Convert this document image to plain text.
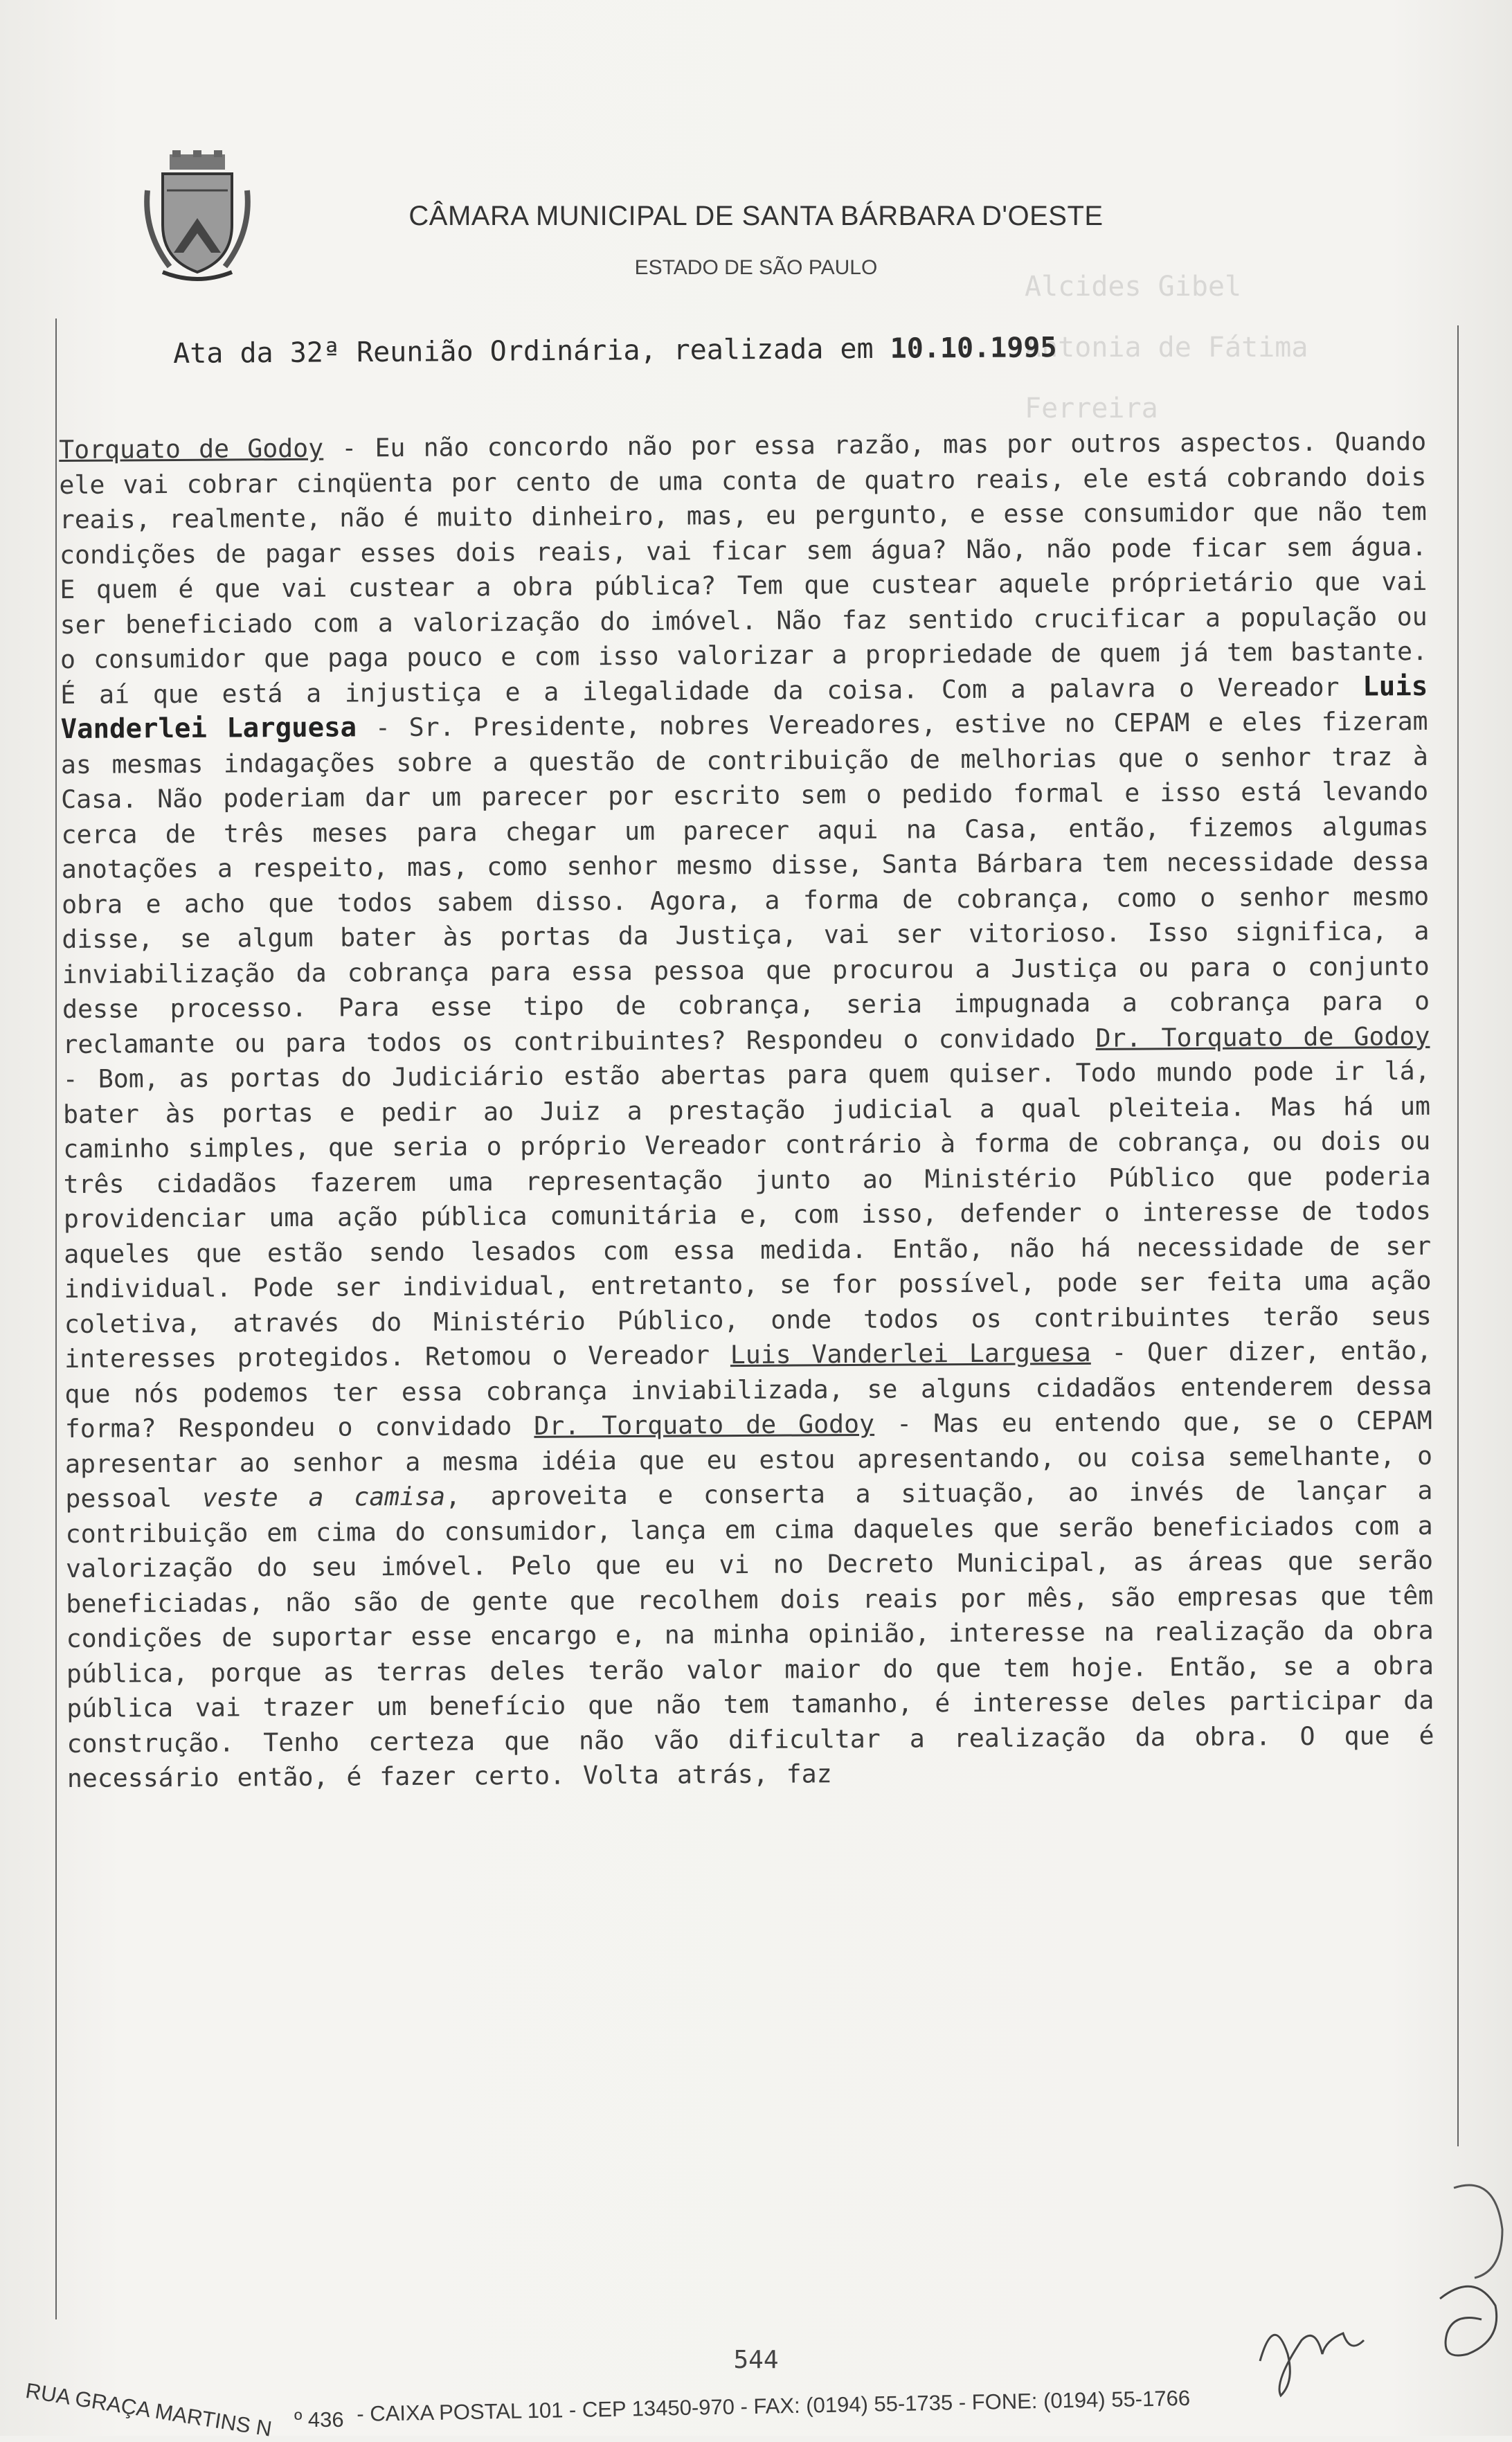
CÂMARA MUNICIPAL DE SANTA BÁRBARA D'OESTE
ESTADO DE SÃO PAULO
Alcides Gibel
Antonia de Fátima Ferreira
Ata da 32ª Reunião Ordinária, realizada em 10.10.1995
Torquato de Godoy - Eu não concordo não por essa razão, mas por outros aspectos. Quando ele vai cobrar cinqüenta por cento de uma conta de quatro reais, ele está cobrando dois reais, realmente, não é muito dinheiro, mas, eu pergunto, e esse consumidor que não tem condições de pagar esses dois reais, vai ficar sem água? Não, não pode ficar sem água. E quem é que vai custear a obra pública? Tem que custear aquele próprietário que vai ser beneficiado com a valorização do imóvel. Não faz sentido crucificar a população ou o consumidor que paga pouco e com isso valorizar a propriedade de quem já tem bastante. É aí que está a injustiça e a ilegalidade da coisa. Com a palavra o Vereador Luis Vanderlei Larguesa - Sr. Presidente, nobres Vereadores, estive no CEPAM e eles fizeram as mesmas indagações sobre a questão de contribuição de melhorias que o senhor traz à Casa. Não poderiam dar um parecer por escrito sem o pedido formal e isso está levando cerca de três meses para chegar um parecer aqui na Casa, então, fizemos algumas anotações a respeito, mas, como senhor mesmo disse, Santa Bárbara tem necessidade dessa obra e acho que todos sabem disso. Agora, a forma de cobrança, como o senhor mesmo disse, se algum bater às portas da Justiça, vai ser vitorioso. Isso significa, a inviabilização da cobrança para essa pessoa que procurou a Justiça ou para o conjunto desse processo. Para esse tipo de cobrança, seria impugnada a cobrança para o reclamante ou para todos os contribuintes? Respondeu o convidado Dr. Torquato de Godoy - Bom, as portas do Judiciário estão abertas para quem quiser. Todo mundo pode ir lá, bater às portas e pedir ao Juiz a prestação judicial a qual pleiteia. Mas há um caminho simples, que seria o próprio Vereador contrário à forma de cobrança, ou dois ou três cidadãos fazerem uma representação junto ao Ministério Público que poderia providenciar uma ação pública comunitária e, com isso, defender o interesse de todos aqueles que estão sendo lesados com essa medida. Então, não há necessidade de ser individual. Pode ser individual, entretanto, se for possível, pode ser feita uma ação coletiva, através do Ministério Público, onde todos os contribuintes terão seus interesses protegidos. Retomou o Vereador Luis Vanderlei Larguesa - Quer dizer, então, que nós podemos ter essa cobrança inviabilizada, se alguns cidadãos entenderem dessa forma? Respondeu o convidado Dr. Torquato de Godoy - Mas eu entendo que, se o CEPAM apresentar ao senhor a mesma idéia que eu estou apresentando, ou coisa semelhante, o pessoal veste a camisa, aproveita e conserta a situação, ao invés de lançar a contribuição em cima do consumidor, lança em cima daqueles que serão beneficiados com a valorização do seu imóvel. Pelo que eu vi no Decreto Municipal, as áreas que serão beneficiadas, não são de gente que recolhem dois reais por mês, são empresas que têm condições de suportar esse encargo e, na minha opinião, interesse na realização da obra pública, porque as terras deles terão valor maior do que tem hoje. Então, se a obra pública vai trazer um benefício que não tem tamanho, é interesse deles participar da construção. Tenho certeza que não vão dificultar a realização da obra. O que é necessário então, é fazer certo. Volta atrás, faz
544
RUA GRAÇA MARTINS N º 436 - CAIXA POSTAL 101 - CEP 13450-970 - FAX: (0194) 55-1735 - FONE: (0194) 55-1766
